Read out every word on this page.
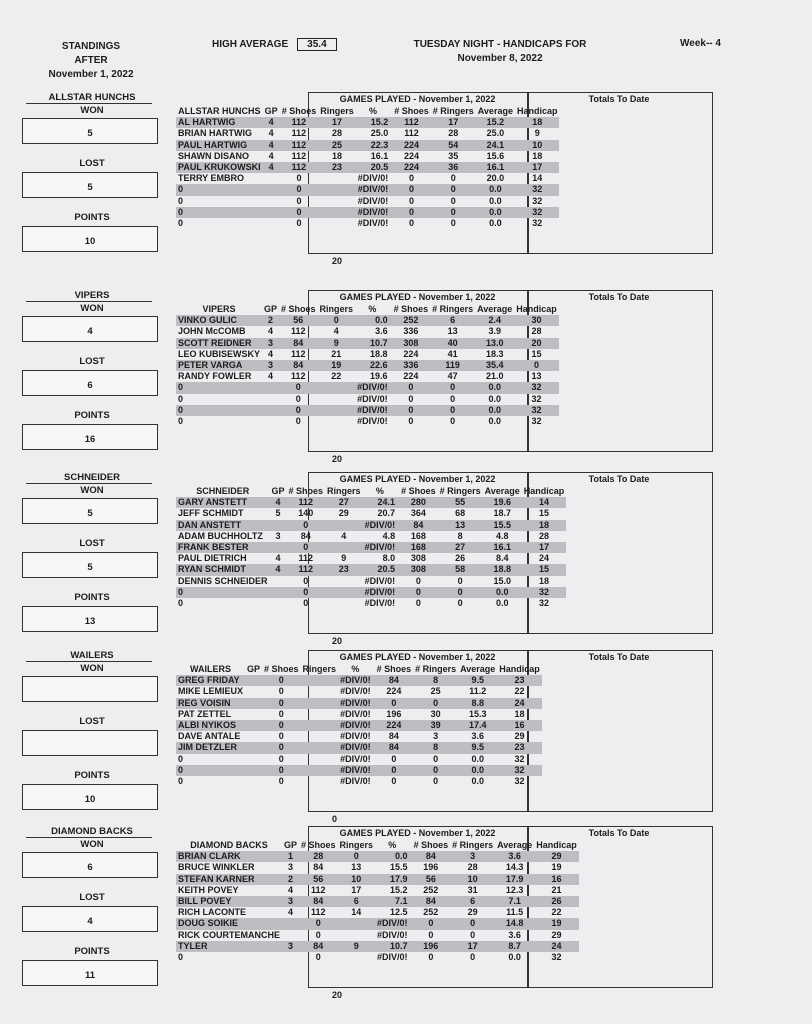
STANDINGS
AFTER
November 1, 2022
HIGH AVERAGE 35.4	TUESDAY NIGHT - HANDICAPS FOR
November 8, 2022
Week-- 4
ALLSTAR HUNCHS
WON
5
LOST
5
POINTS
10
GAMES PLAYED - November 1, 2022	Totals To Date
ALLSTAR HUNCHS	GP	# Shoes	Ringers	%	# Shoes	# Ringers	Average	Handicap
AL HARTWIG	4	112	17	15.2	112	17	15.2	18
BRIAN HARTWIG	4	112	28	25.0	112	28	25.0	9
PAUL HARTWIG	4	112	25	22.3	224	54	24.1	10
SHAWN DISANO	4	112	18	16.1	224	35	15.6	18
PAUL KRUKOWSKI	4	112	23	20.5	224	36	16.1	17
TERRY EMBRO		0		#DIV/0!	0	0	20.0	14
0		0		#DIV/0!	0	0	0.0	32
0		0		#DIV/0!	0	0	0.0	32
0		0		#DIV/0!	0	0	0.0	32
0		0		#DIV/0!	0	0	0.0	32
20
VIPERS
WON
4
LOST
6
POINTS
16
GAMES PLAYED - November 1, 2022	Totals To Date
VIPERS	GP	# Shoes	Ringers	%	# Shoes	# Ringers	Average	Handicap
VINKO GULIC	2	56	0	0.0	252	6	2.4	30
JOHN McCOMB	4	112	4	3.6	336	13	3.9	28
SCOTT REIDNER	3	84	9	10.7	308	40	13.0	20
LEO KUBISEWSKY	4	112	21	18.8	224	41	18.3	15
PETER VARGA	3	84	19	22.6	336	119	35.4	0
RANDY FOWLER	4	112	22	19.6	224	47	21.0	13
0		0		#DIV/0!	0	0	0.0	32
0		0		#DIV/0!	0	0	0.0	32
0		0		#DIV/0!	0	0	0.0	32
0		0		#DIV/0!	0	0	0.0	32
20
SCHNEIDER
WON
5
LOST
5
POINTS
13
GAMES PLAYED - November 1, 2022	Totals To Date
SCHNEIDER	GP	# Shoes	Ringers	%	# Shoes	# Ringers	Average	Handicap
GARY ANSTETT	4	112	27	24.1	280	55	19.6	14
JEFF SCHMIDT	5	140	29	20.7	364	68	18.7	15
DAN ANSTETT		0		#DIV/0!	84	13	15.5	18
ADAM BUCHHOLTZ	3	84	4	4.8	168	8	4.8	28
FRANK BESTER		0		#DIV/0!	168	27	16.1	17
PAUL DIETRICH	4	112	9	8.0	308	26	8.4	24
RYAN SCHMIDT	4	112	23	20.5	308	58	18.8	15
DENNIS SCHNEIDER		0		#DIV/0!	0	0	15.0	18
0		0		#DIV/0!	0	0	0.0	32
0		0		#DIV/0!	0	0	0.0	32
20
WAILERS
WON
LOST
POINTS
10
GAMES PLAYED - November 1, 2022	Totals To Date
WAILERS	GP	# Shoes	Ringers	%	# Shoes	# Ringers	Average	Handicap
GREG FRIDAY		0		#DIV/0!	84	8	9.5	23
MIKE LEMIEUX		0		#DIV/0!	224	25	11.2	22
REG VOISIN		0		#DIV/0!	0	0	8.8	24
PAT ZETTEL		0		#DIV/0!	196	30	15.3	18
ALBI NYIKOS		0		#DIV/0!	224	39	17.4	16
DAVE ANTALE		0		#DIV/0!	84	3	3.6	29
JIM DETZLER		0		#DIV/0!	84	8	9.5	23
0		0		#DIV/0!	0	0	0.0	32
0		0		#DIV/0!	0	0	0.0	32
0		0		#DIV/0!	0	0	0.0	32
0
DIAMOND BACKS
WON
6
LOST
4
POINTS
11
GAMES PLAYED - November 1, 2022	Totals To Date
DIAMOND BACKS	GP	# Shoes	Ringers	%	# Shoes	# Ringers	Average	Handicap
BRIAN CLARK	1	28	0	0.0	84	3	3.6	29
BRUCE WINKLER	3	84	13	15.5	196	28	14.3	19
STEFAN KARNER	2	56	10	17.9	56	10	17.9	16
KEITH POVEY	4	112	17	15.2	252	31	12.3	21
BILL POVEY	3	84	6	7.1	84	6	7.1	26
RICH LACONTE	4	112	14	12.5	252	29	11.5	22
DOUG SOIKIE		0		#DIV/0!	0	0	14.8	19
RICK COURTEMANCHE		0		#DIV/0!	0	0	3.6	29
TYLER	3	84	9	10.7	196	17	8.7	24
0		0		#DIV/0!	0	0	0.0	32
20
